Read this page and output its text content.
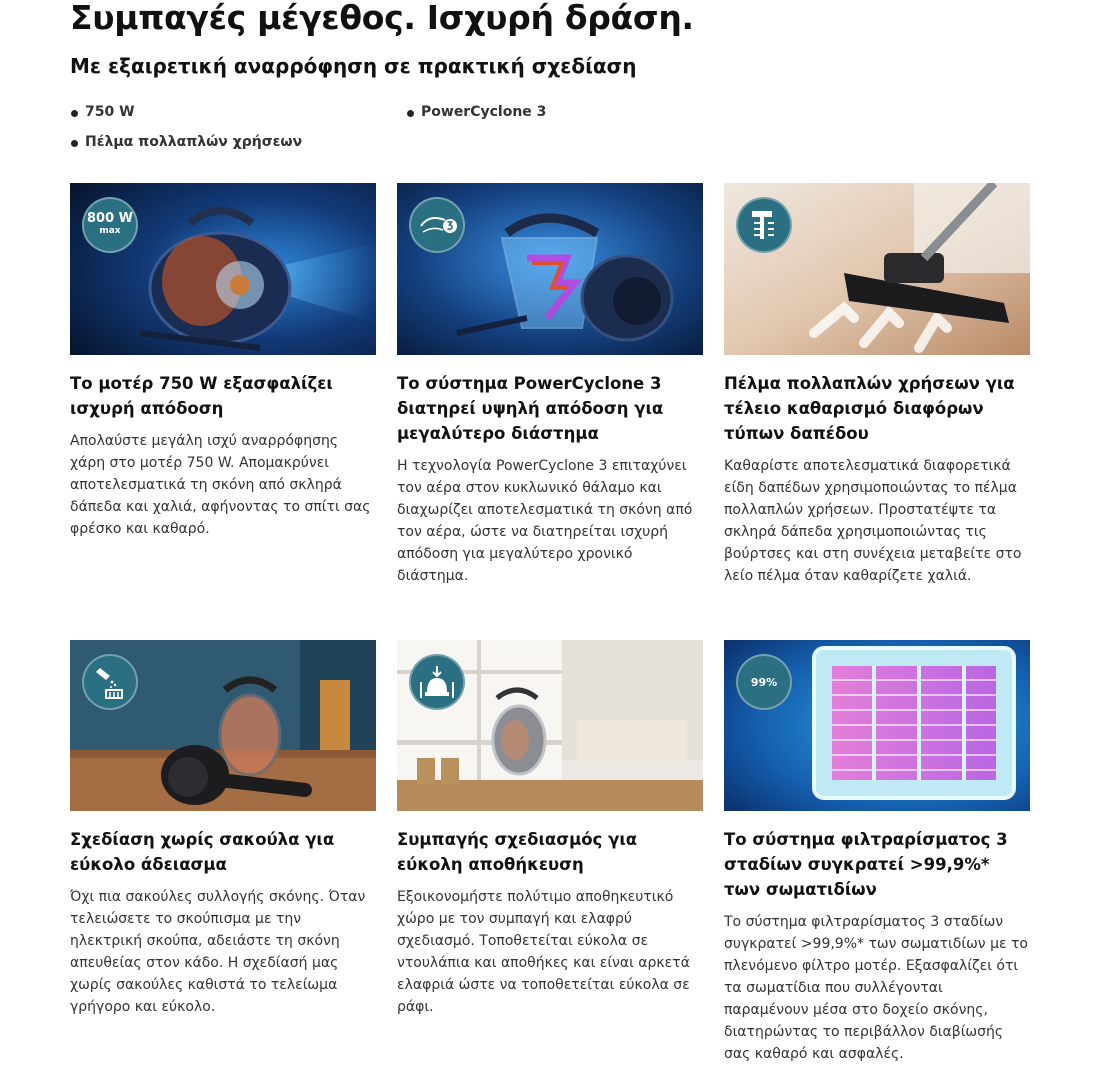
Συμπαγές μέγεθος. Ισχυρή δράση.
Με εξαιρετική αναρρόφηση σε πρακτική σχεδίαση
750 W	PowerCyclone 3
Πέλμα πολλαπλών χρήσεων
800 W
max
Το μοτέρ 750 W εξασφαλίζει ισχυρή απόδοση
Απολαύστε μεγάλη ισχύ αναρρόφησης χάρη στο μοτέρ 750 W. Απομακρύνει αποτελεσματικά τη σκόνη από σκληρά δάπεδα και χαλιά, αφήνοντας το σπίτι σας φρέσκο και καθαρό.
Το σύστημα PowerCyclone 3 διατηρεί υψηλή απόδοση για μεγαλύτερο διάστημα
Η τεχνολογία PowerCyclone 3 επιταχύνει τον αέρα στον κυκλωνικό θάλαμο και διαχωρίζει αποτελεσματικά τη σκόνη από τον αέρα, ώστε να διατηρείται ισχυρή απόδοση για μεγαλύτερο χρονικό διάστημα.
Πέλμα πολλαπλών χρήσεων για τέλειο καθαρισμό διαφόρων τύπων δαπέδου
Καθαρίστε αποτελεσματικά διαφορετικά είδη δαπέδων χρησιμοποιώντας το πέλμα πολλαπλών χρήσεων. Προστατέψτε τα σκληρά δάπεδα χρησιμοποιώντας τις βούρτσες και στη συνέχεια μεταβείτε στο λείο πέλμα όταν καθαρίζετε χαλιά.
Σχεδίαση χωρίς σακούλα για εύκολο άδειασμα
Όχι πια σακούλες συλλογής σκόνης. Όταν τελειώσετε το σκούπισμα με την ηλεκτρική σκούπα, αδειάστε τη σκόνη απευθείας στον κάδο. Η σχεδίασή μας χωρίς σακούλες καθιστά το τελείωμα γρήγορο και εύκολο.
Συμπαγής σχεδιασμός για εύκολη αποθήκευση
Εξοικονομήστε πολύτιμο αποθηκευτικό χώρο με τον συμπαγή και ελαφρύ σχεδιασμό. Τοποθετείται εύκολα σε ντουλάπια και αποθήκες και είναι αρκετά ελαφριά ώστε να τοποθετείται εύκολα σε ράφι.
99%
Το σύστημα φιλτραρίσματος 3 σταδίων συγκρατεί >99,9%* των σωματιδίων
Το σύστημα φιλτραρίσματος 3 σταδίων συγκρατεί >99,9%* των σωματιδίων με το πλενόμενο φίλτρο μοτέρ. Εξασφαλίζει ότι τα σωματίδια που συλλέγονται παραμένουν μέσα στο δοχείο σκόνης, διατηρώντας το περιβάλλον διαβίωσής σας καθαρό και ασφαλές.
